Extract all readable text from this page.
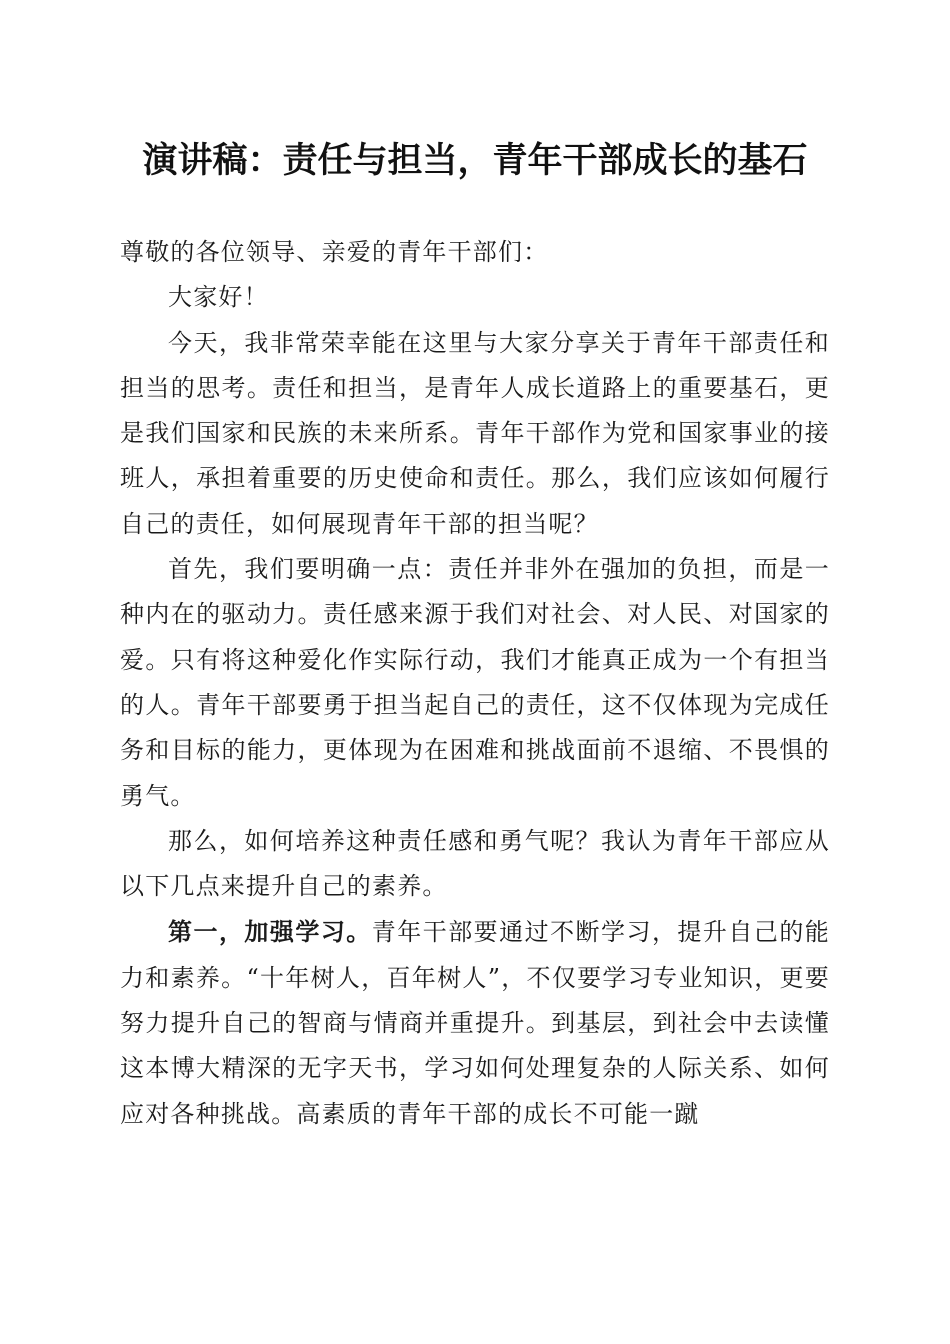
演讲稿：责任与担当，青年干部成长的基石

尊敬的各位领导、亲爱的青年干部们：

大家好！

今天，我非常荣幸能在这里与大家分享关于青年干部责任和担当的思考。责任和担当，是青年人成长道路上的重要基石，更是我们国家和民族的未来所系。青年干部作为党和国家事业的接班人，承担着重要的历史使命和责任。那么，我们应该如何履行自己的责任，如何展现青年干部的担当呢？

首先，我们要明确一点：责任并非外在强加的负担，而是一种内在的驱动力。责任感来源于我们对社会、对人民、对国家的爱。只有将这种爱化作实际行动，我们才能真正成为一个有担当的人。青年干部要勇于担当起自己的责任，这不仅体现为完成任务和目标的能力，更体现为在困难和挑战面前不退缩、不畏惧的勇气。

那么，如何培养这种责任感和勇气呢？我认为青年干部应从以下几点来提升自己的素养。

第一，加强学习。青年干部要通过不断学习，提升自己的能力和素养。“十年树人，百年树人”，不仅要学习专业知识，更要努力提升自己的智商与情商并重提升。到基层，到社会中去读懂这本博大精深的无字天书，学习如何处理复杂的人际关系、如何应对各种挑战。高素质的青年干部的成长不可能一蹴
